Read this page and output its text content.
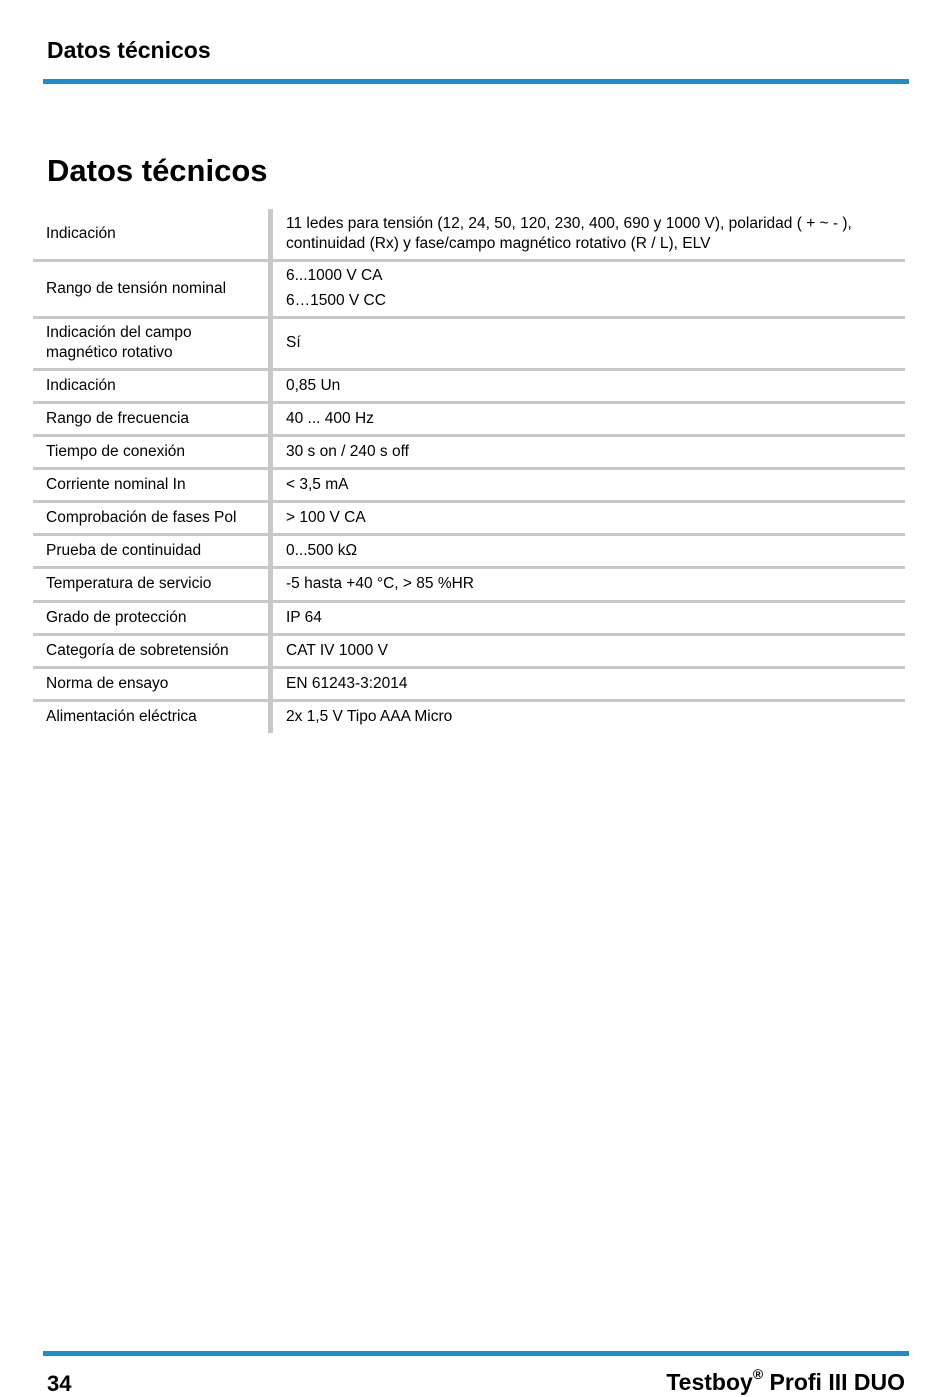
Datos técnicos
Datos técnicos
Indicación	11 ledes para tensión (12, 24, 50, 120, 230, 400, 690 y 1000 V), polaridad ( + ~ - ),
continuidad (Rx) y fase/campo magnético rotativo (R / L), ELV

Rango de tensión nominal	6...1000 V CA
6…1500 V CC

Indicación del campo magnético rotativo	Sí

Indicación	0,85 Un

Rango de frecuencia	40 ... 400 Hz

Tiempo de conexión	30 s on / 240 s off

Corriente nominal In	< 3,5 mA

Comprobación de fases Pol	> 100 V CA

Prueba de continuidad	0...500 kΩ

Temperatura de servicio	-5 hasta +40 °C, > 85 %HR

Grado de protección	IP 64

Categoría de sobretensión	CAT IV 1000 V

Norma de ensayo	EN 61243-3:2014

Alimentación eléctrica	2x 1,5 V Tipo AAA Micro
34	Testboy® Profi III DUO
